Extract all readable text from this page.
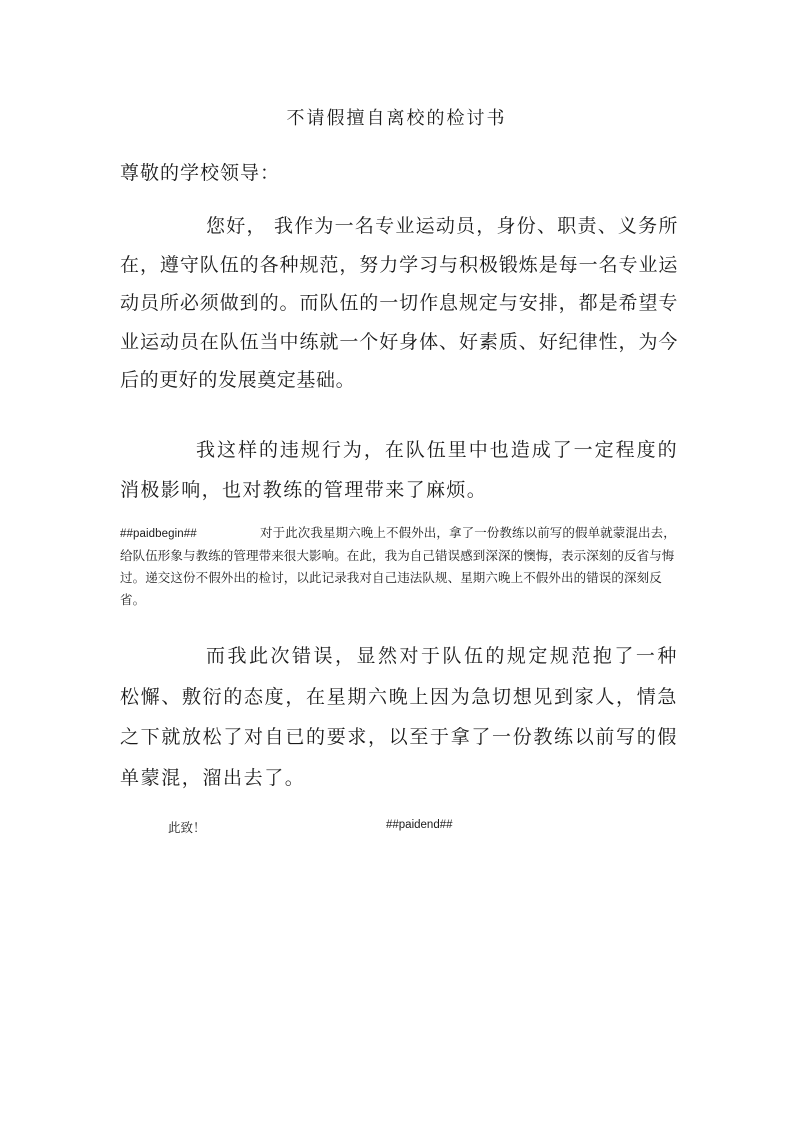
不请假擅自离校的检讨书
尊敬的学校领导：

您好， 我作为一名专业运动员，身份、职责、义务所在，遵守队伍的各种规范，努力学习与积极锻炼是每一名专业运动员所必须做到的。而队伍的一切作息规定与安排，都是希望专业运动员在队伍当中练就一个好身体、好素质、好纪律性，为今后的更好的发展奠定基础。

我这样的违规行为，在队伍里中也造成了一定程度的消极影响，也对教练的管理带来了麻烦。

##paidbegin##	对于此次我星期六晚上不假外出，拿了一份教练以前写的假单就蒙混出去，给队伍形象与教练的管理带来很大影响。在此，我为自己错误感到深深的懊悔，表示深刻的反省与悔过。递交这份不假外出的检讨，以此记录我对自己违法队规、星期六晚上不假外出的错误的深刻反省。

而我此次错误，显然对于队伍的规定规范抱了一种松懈、敷衍的态度，在星期六晚上因为急切想见到家人，情急之下就放松了对自已的要求，以至于拿了一份教练以前写的假单蒙混，溜出去了。

此致！	##paidend##
